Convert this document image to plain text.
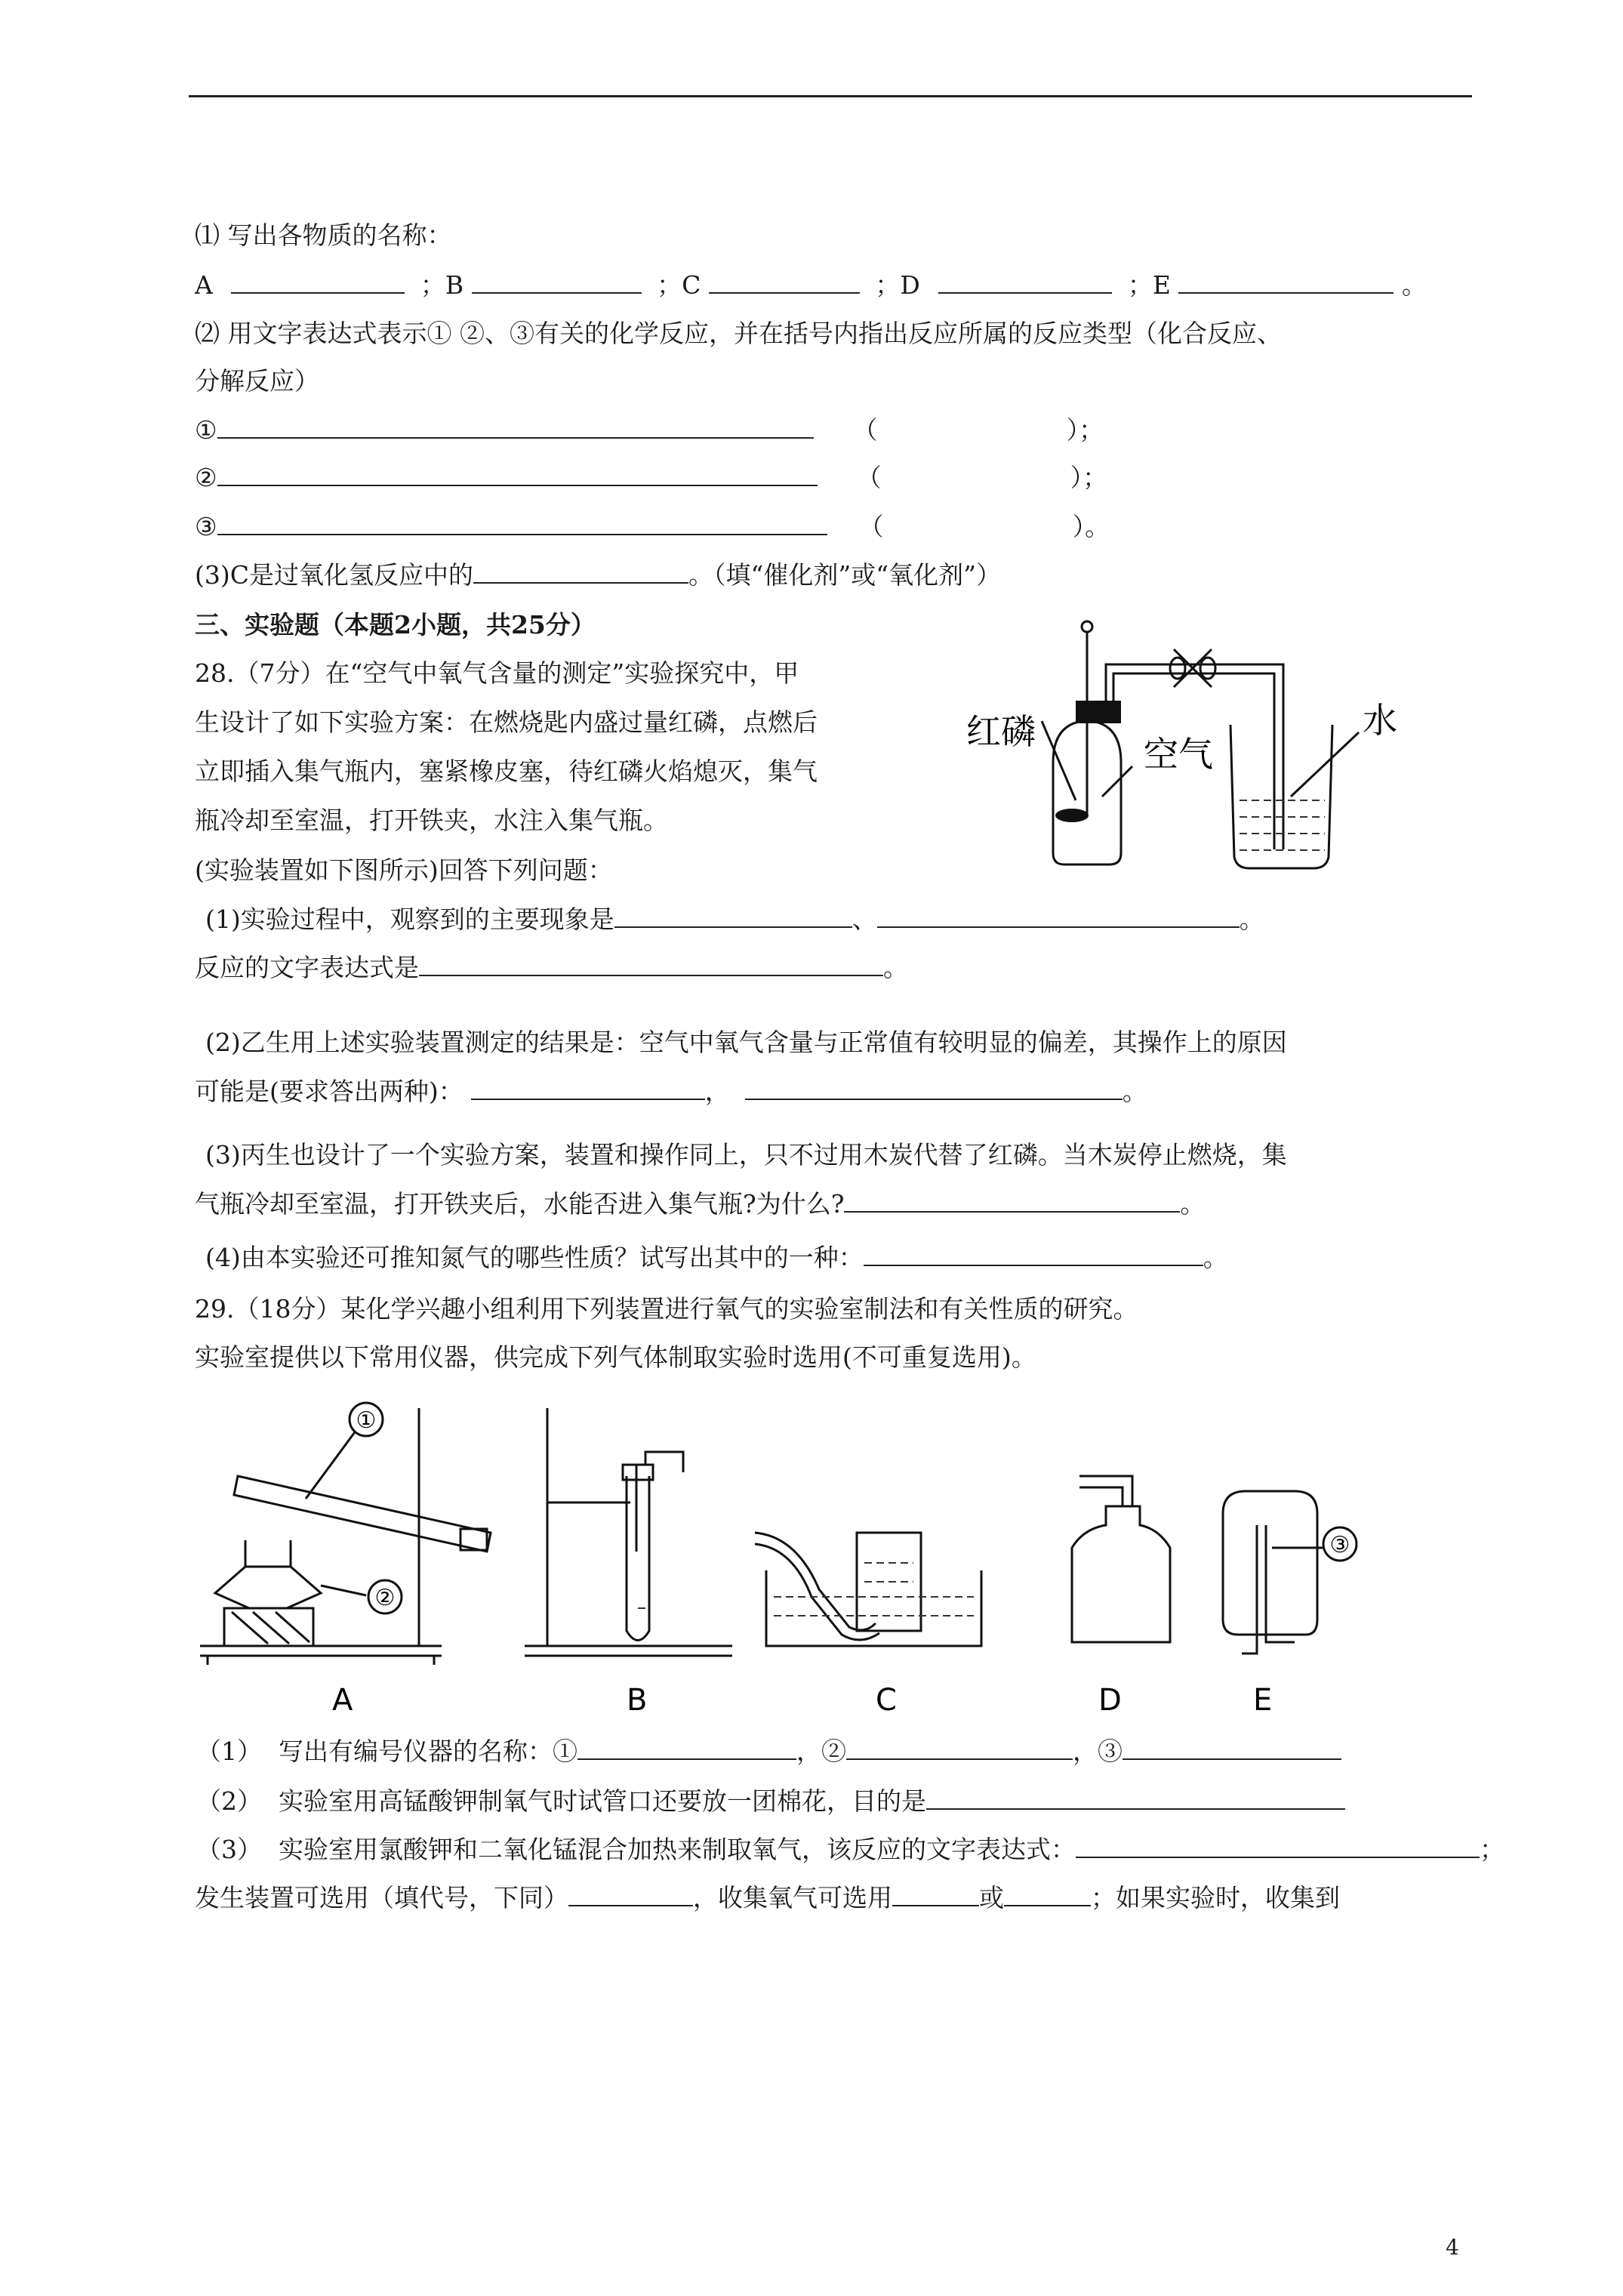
⑴ 写出各物质的名称：
A	；B	；C	；D	；E	。
⑵ 用文字表达式表示① ②、③有关的化学反应，并在括号内指出反应所属的反应类型（化合反应、
分解反应）
①	（	）；
②	（	）；
③	（	）。
(3)C是过氧化氢反应中的	。（填“催化剂”或“氧化剂”）
三、实验题（本题2小题，共25分）
28.（7分）在“空气中氧气含量的测定”实验探究中，甲
生设计了如下实验方案：在燃烧匙内盛过量红磷，点燃后
立即插入集气瓶内，塞紧橡皮塞，待红磷火焰熄灭，集气
瓶冷却至室温，打开铁夹，水注入集气瓶。
(实验装置如下图所示)回答下列问题：
红磷
空气
水
(1)实验过程中，观察到的主要现象是	、	。
反应的文字表达式是	。
(2)乙生用上述实验装置测定的结果是：空气中氧气含量与正常值有较明显的偏差，其操作上的原因
可能是(要求答出两种)：	，	。
(3)丙生也设计了一个实验方案，装置和操作同上，只不过用木炭代替了红磷。当木炭停止燃烧，集
气瓶冷却至室温，打开铁夹后，水能否进入集气瓶?为什么?	。
(4)由本实验还可推知氮气的哪些性质？试写出其中的一种：	。
29.（18分）某化学兴趣小组利用下列装置进行氧气的实验室制法和有关性质的研究。
实验室提供以下常用仪器，供完成下列气体制取实验时选用(不可重复选用)。
①
②
③
A	B	C	D	E
（1） 写出有编号仪器的名称：①	，②	，③
（2） 实验室用高锰酸钾制氧气时试管口还要放一团棉花，目的是
（3） 实验室用氯酸钾和二氧化锰混合加热来制取氧气，该反应的文字表达式：	；
发生装置可选用（填代号，下同）	，收集氧气可选用	或	；如果实验时，收集到
4
